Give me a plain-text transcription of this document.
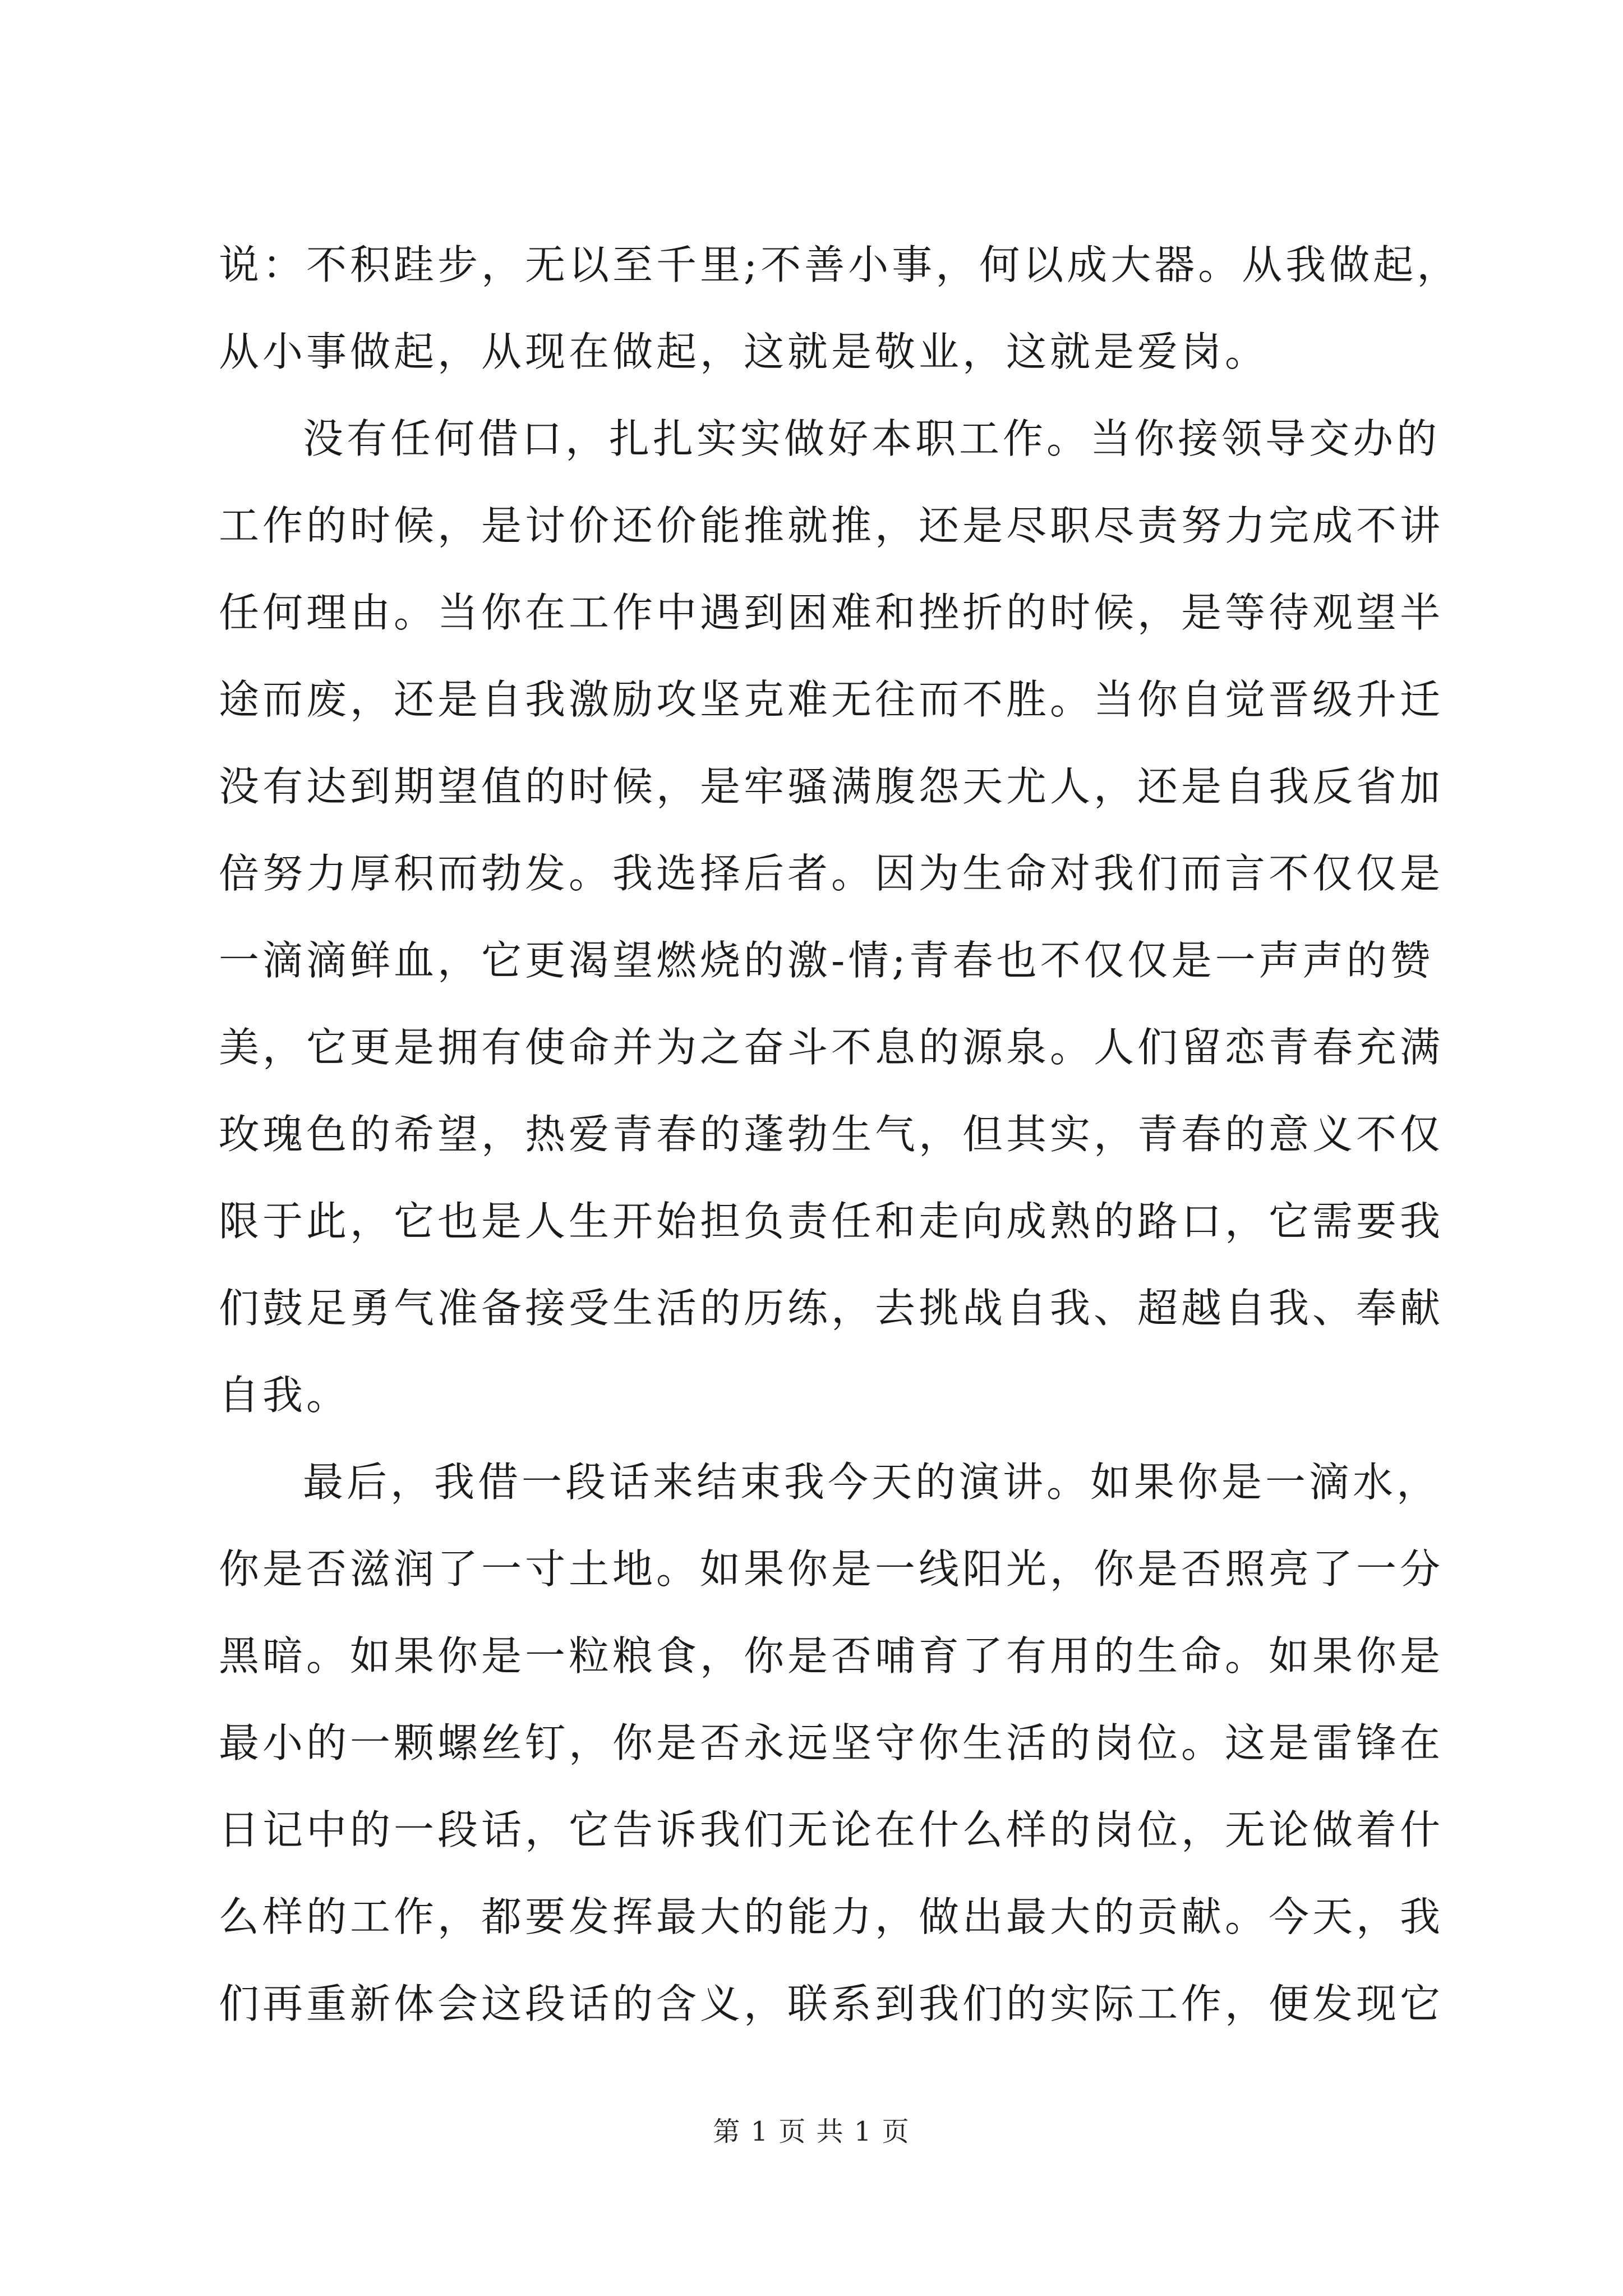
说：不积跬步，无以至千里;不善小事，何以成大器。从我做起，
从小事做起，从现在做起，这就是敬业，这就是爱岗。
没有任何借口，扎扎实实做好本职工作。当你接领导交办的
工作的时候，是讨价还价能推就推，还是尽职尽责努力完成不讲
任何理由。当你在工作中遇到困难和挫折的时候，是等待观望半
途而废，还是自我激励攻坚克难无往而不胜。当你自觉晋级升迁
没有达到期望值的时候，是牢骚满腹怨天尤人，还是自我反省加
倍努力厚积而勃发。我选择后者。因为生命对我们而言不仅仅是
一滴滴鲜血，它更渴望燃烧的激-情;青春也不仅仅是一声声的赞
美，它更是拥有使命并为之奋斗不息的源泉。人们留恋青春充满
玫瑰色的希望，热爱青春的蓬勃生气，但其实，青春的意义不仅
限于此，它也是人生开始担负责任和走向成熟的路口，它需要我
们鼓足勇气准备接受生活的历练，去挑战自我、超越自我、奉献
自我。
最后，我借一段话来结束我今天的演讲。如果你是一滴水，
你是否滋润了一寸土地。如果你是一线阳光，你是否照亮了一分
黑暗。如果你是一粒粮食，你是否哺育了有用的生命。如果你是
最小的一颗螺丝钉，你是否永远坚守你生活的岗位。这是雷锋在
日记中的一段话，它告诉我们无论在什么样的岗位，无论做着什
么样的工作，都要发挥最大的能力，做出最大的贡献。今天，我
们再重新体会这段话的含义，联系到我们的实际工作，便发现它
第 1 页 共 1 页
